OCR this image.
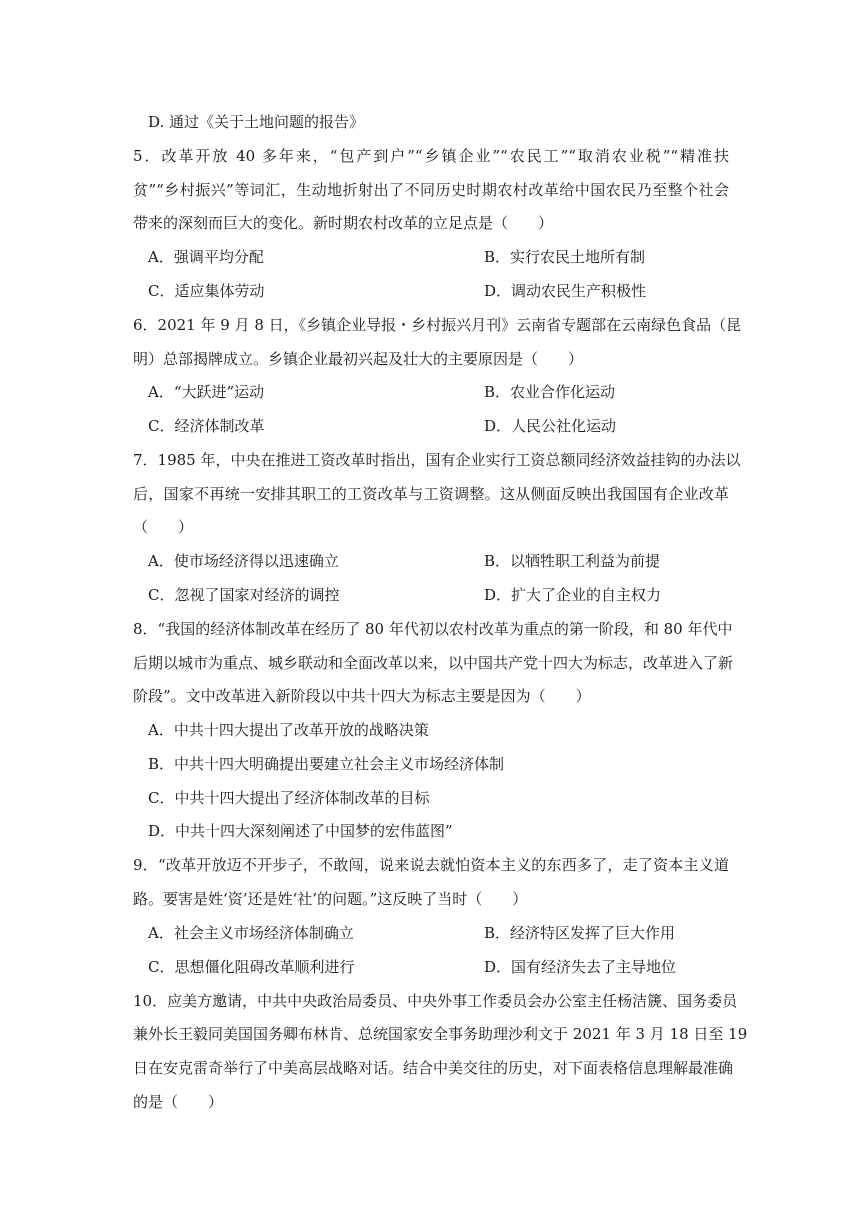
D. 通过《关于土地问题的报告》
5．改革开放 40 多年来，“包产到户”“乡镇企业”“农民工”“取消农业税”“精准扶
贫”“乡村振兴”等词汇，生动地折射出了不同历史时期农村改革给中国农民乃至整个社会
带来的深刻而巨大的变化。新时期农村改革的立足点是（　　）
A．强调平均分配	B．实行农民土地所有制
C．适应集体劳动	D．调动农民生产积极性
6．2021 年 9 月 8 日，《乡镇企业导报・乡村振兴月刊》云南省专题部在云南绿色食品（昆
明）总部揭牌成立。乡镇企业最初兴起及壮大的主要原因是（　　）
A．“大跃进”运动	B．农业合作化运动
C．经济体制改革	D．人民公社化运动
7．1985 年，中央在推进工资改革时指出，国有企业实行工资总额同经济效益挂钩的办法以
后，国家不再统一安排其职工的工资改革与工资调整。这从侧面反映出我国国有企业改革
（　　）
A．使市场经济得以迅速确立	B．以牺牲职工利益为前提
C．忽视了国家对经济的调控	D．扩大了企业的自主权力
8．“我国的经济体制改革在经历了 80 年代初以农村改革为重点的第一阶段，和 80 年代中
后期以城市为重点、城乡联动和全面改革以来，以中国共产党十四大为标志，改革进入了新
阶段”。文中改革进入新阶段以中共十四大为标志主要是因为（　　）
A．中共十四大提出了改革开放的战略决策
B．中共十四大明确提出要建立社会主义市场经济体制
C．中共十四大提出了经济体制改革的目标
D．中共十四大深刻阐述了中国梦的宏伟蓝图”
9．“改革开放迈不开步子，不敢闯，说来说去就怕资本主义的东西多了，走了资本主义道
路。要害是姓‘资’还是姓‘社’的问题。”这反映了当时（　　）
A．社会主义市场经济体制确立	B．经济特区发挥了巨大作用
C．思想僵化阻碍改革顺利进行	D．国有经济失去了主导地位
10．应美方邀请，中共中央政治局委员、中央外事工作委员会办公室主任杨洁篪、国务委员
兼外长王毅同美国国务卿布林肯、总统国家安全事务助理沙利文于 2021 年 3 月 18 日至 19
日在安克雷奇举行了中美高层战略对话。结合中美交往的历史，对下面表格信息理解最准确
的是（　　）
